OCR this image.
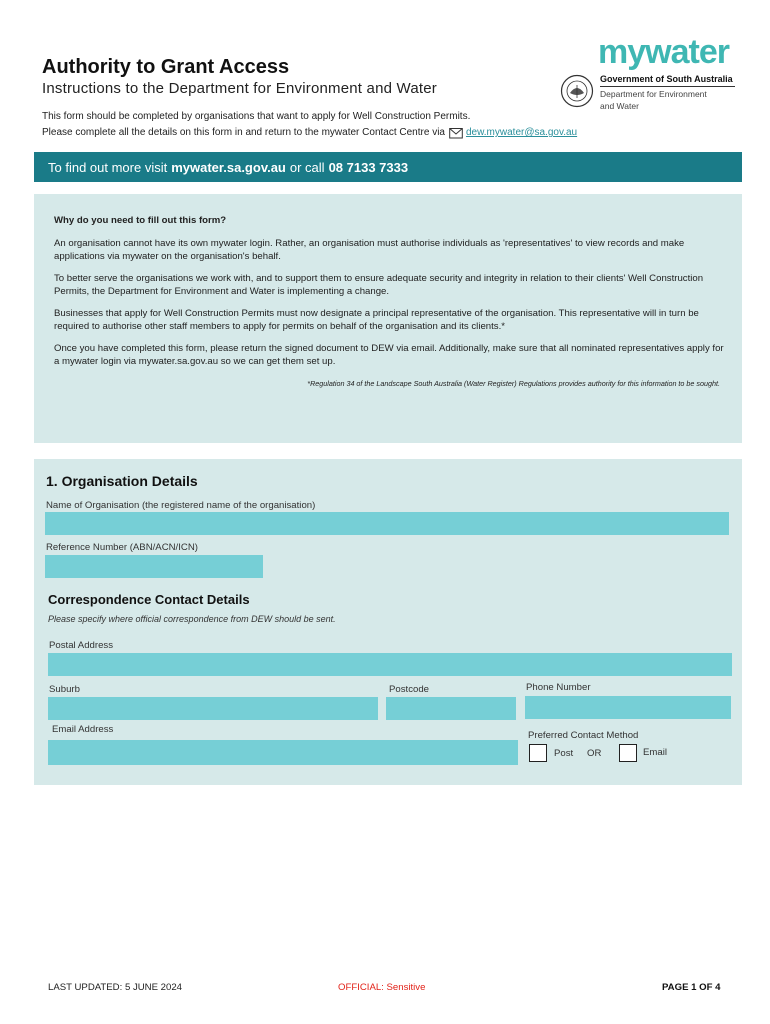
Authority to Grant Access
Instructions to the Department for Environment and Water
mywater
Government of South Australia
Department for Environment
and Water
This form should be completed by organisations that want to apply for Well Construction Permits.
Please complete all the details on this form in and return to the mywater Contact Centre via dew.mywater@sa.gov.au
To find out more visit mywater.sa.gov.au or call 08 7133 7333
Why do you need to fill out this form?

An organisation cannot have its own mywater login. Rather, an organisation must authorise individuals as 'representatives' to view records and make applications via mywater on the organisation's behalf.

To better serve the organisations we work with, and to support them to ensure adequate security and integrity in relation to their clients' Well Construction Permits, the Department for Environment and Water is implementing a change.

Businesses that apply for Well Construction Permits must now designate a principal representative of the organisation. This representative will in turn be required to authorise other staff members to apply for permits on behalf of the organisation and its clients.*

Once you have completed this form, please return the signed document to DEW via email. Additionally, make sure that all nominated representatives apply for a mywater login via mywater.sa.gov.au so we can get them set up.

*Regulation 34 of the Landscape South Australia (Water Register) Regulations provides authority for this information to be sought.
1. Organisation Details
Name of Organisation (the registered name of the organisation)
Reference Number (ABN/ACN/ICN)
Correspondence Contact Details
Please specify where official correspondence from DEW should be sent.
Postal Address
Suburb	Postcode	Phone Number
Email Address
Preferred Contact Method
Post OR	Email
LAST UPDATED: 5 JUNE 2024	OFFICIAL: Sensitive	PAGE 1 OF 4
